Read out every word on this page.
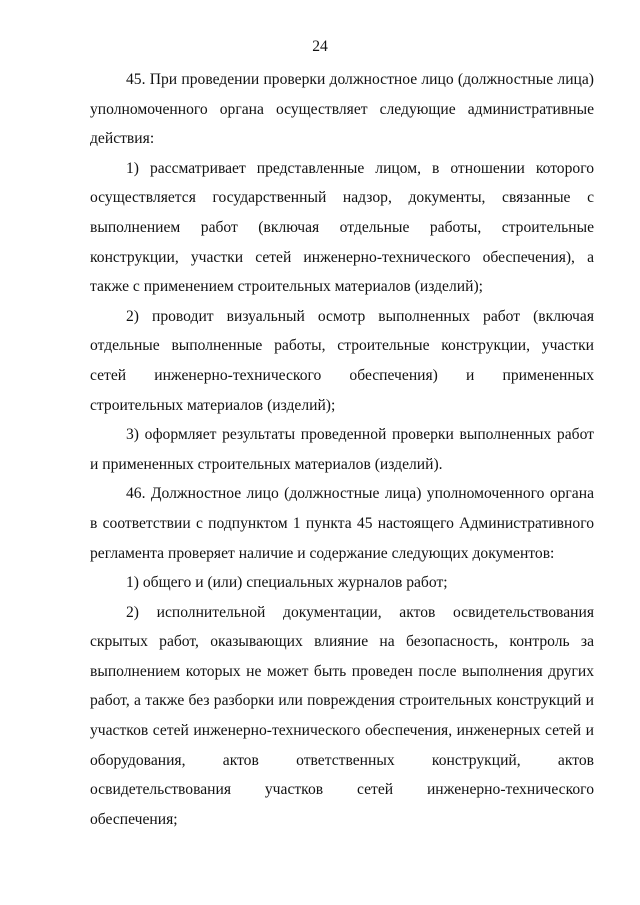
24

45. При проведении проверки должностное лицо (должностные лица) уполномоченного органа осуществляет следующие административные действия:

1) рассматривает представленные лицом, в отношении которого осуществляется государственный надзор, документы, связанные с выполнением работ (включая отдельные работы, строительные конструкции, участки сетей инженерно-технического обеспечения), а также с применением строительных материалов (изделий);

2) проводит визуальный осмотр выполненных работ (включая отдельные выполненные работы, строительные конструкции, участки сетей инженерно-технического обеспечения) и примененных строительных материалов (изделий);

3) оформляет результаты проведенной проверки выполненных работ и примененных строительных материалов (изделий).

46. Должностное лицо (должностные лица) уполномоченного органа в соответствии с подпунктом 1 пункта 45 настоящего Административного регламента проверяет наличие и содержание следующих документов:

1) общего и (или) специальных журналов работ;

2) исполнительной документации, актов освидетельствования скрытых работ, оказывающих влияние на безопасность, контроль за выполнением которых не может быть проведен после выполнения других работ, а также без разборки или повреждения строительных конструкций и участков сетей инженерно-технического обеспечения, инженерных сетей и оборудования, актов ответственных конструкций, актов освидетельствования участков сетей инженерно-технического обеспечения;
